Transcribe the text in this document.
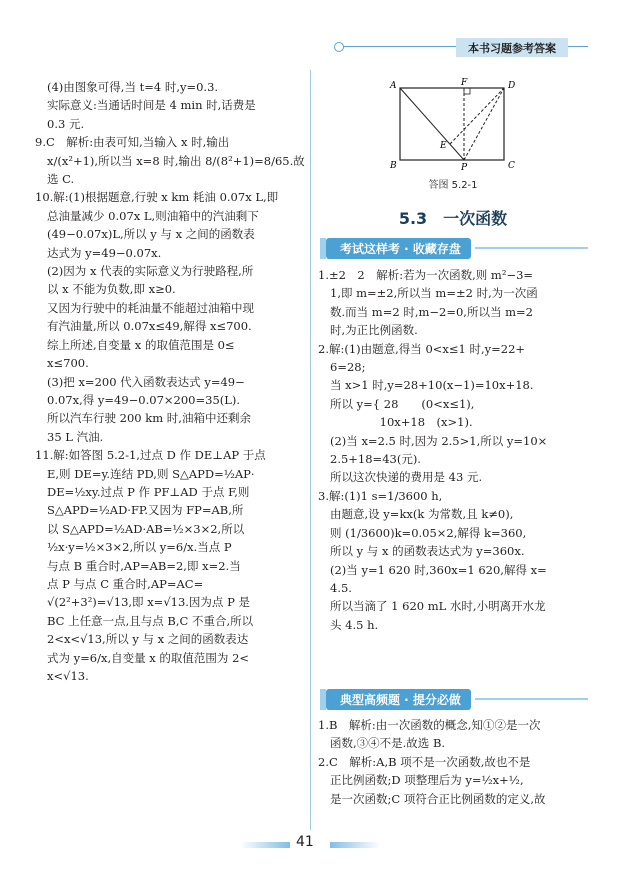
本书习题参考答案
(4)由图象可得,当 t=4 时,y=0.3.
实际意义:当通话时间是 4 min 时,话费是
0.3 元.
9.C　解析:由表可知,当输入 x 时,输出
x/(x²+1),所以当 x=8 时,输出 8/(8²+1)=8/65.故
选 C.
10.解:(1)根据题意,行驶 x km 耗油 0.07x L,即
总油量减少 0.07x L,则油箱中的汽油剩下
(49−0.07x)L,所以 y 与 x 之间的函数表
达式为 y=49−0.07x.
(2)因为 x 代表的实际意义为行驶路程,所
以 x 不能为负数,即 x≥0.
又因为行驶中的耗油量不能超过油箱中现
有汽油量,所以 0.07x≤49,解得 x≤700.
综上所述,自变量 x 的取值范围是 0≤
x≤700.
(3)把 x=200 代入函数表达式 y=49−
0.07x,得 y=49−0.07×200=35(L).
所以汽车行驶 200 km 时,油箱中还剩余
35 L 汽油.
11.解:如答图 5.2-1,过点 D 作 DE⊥AP 于点
E,则 DE=y.连结 PD,则 S△APD=½AP·
DE=½xy.过点 P 作 PF⊥AD 于点 F,则
S△APD=½AD·FP.又因为 FP=AB,所
以 S△APD=½AD·AB=½×3×2,所以
½x·y=½×3×2,所以 y=6/x.当点 P
与点 B 重合时,AP=AB=2,即 x=2.当
点 P 与点 C 重合时,AP=AC=
√(2²+3²)=√13,即 x=√13.因为点 P 是
BC 上任意一点,且与点 B,C 不重合,所以
2<x<√13,所以 y 与 x 之间的函数表达
式为 y=6/x,自变量 x 的取值范围为 2<
x<√13.
A	F	D
E
B	P	C
答图 5.2-1
5.3　一次函数
考试这样考 · 收藏存盘
1.±2　2　解析:若为一次函数,则 m²−3=
1,即 m=±2,所以当 m=±2 时,为一次函
数.而当 m=2 时,m−2=0,所以当 m=2
时,为正比例函数.
2.解:(1)由题意,得当 0<x≤1 时,y=22+
6=28;
当 x>1 时,y=28+10(x−1)=10x+18.
所以 y={ 28　　(0<x≤1),
　　　　 10x+18　(x>1).
(2)当 x=2.5 时,因为 2.5>1,所以 y=10×
2.5+18=43(元).
所以这次快递的费用是 43 元.
3.解:(1)1 s=1/3600 h,
由题意,设 y=kx(k 为常数,且 k≠0),
则 (1/3600)k=0.05×2,解得 k=360,
所以 y 与 x 的函数表达式为 y=360x.
(2)当 y=1 620 时,360x=1 620,解得 x=
4.5.
所以当滴了 1 620 mL 水时,小明离开水龙
头 4.5 h.
典型高频题 · 提分必做
1.B　解析:由一次函数的概念,知①②是一次
函数,③④不是.故选 B.
2.C　解析:A,B 项不是一次函数,故也不是
正比例函数;D 项整理后为 y=½x+½,
是一次函数;C 项符合正比例函数的定义,故
41
